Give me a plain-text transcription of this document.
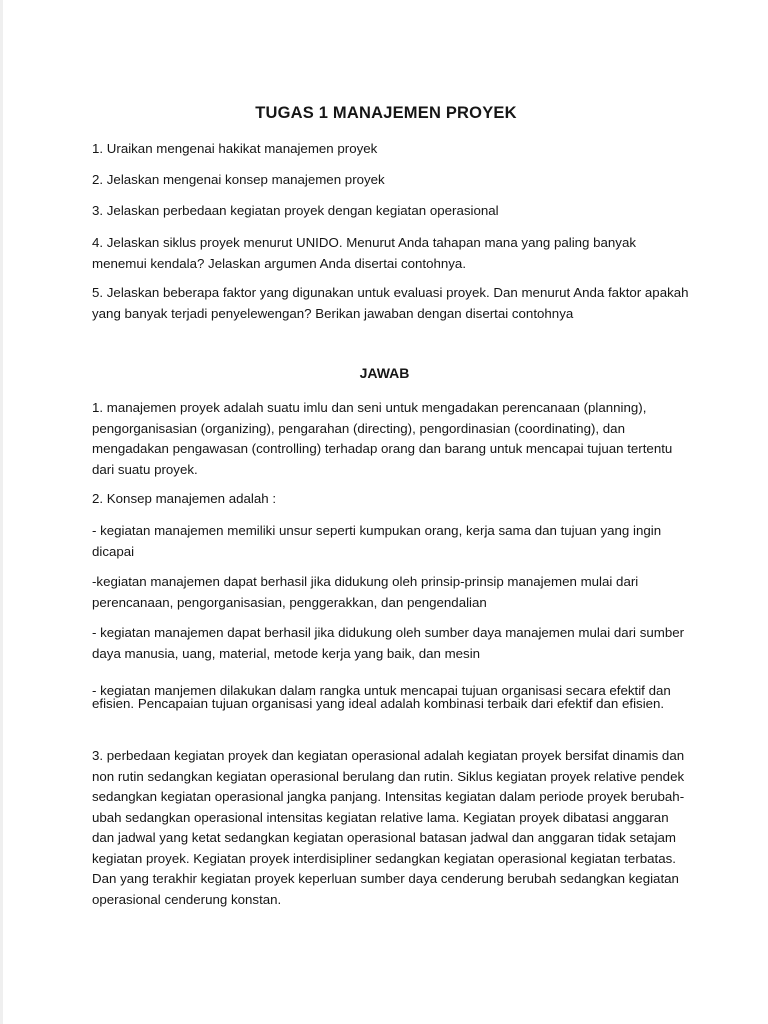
TUGAS 1 MANAJEMEN PROYEK
1. Uraikan mengenai hakikat manajemen proyek
2. Jelaskan mengenai konsep manajemen proyek
3. Jelaskan perbedaan kegiatan proyek dengan kegiatan operasional
4. Jelaskan siklus proyek menurut UNIDO. Menurut Anda tahapan mana yang paling banyak menemui kendala? Jelaskan argumen Anda disertai contohnya.
5. Jelaskan beberapa faktor yang digunakan untuk evaluasi proyek. Dan menurut Anda faktor apakah yang banyak terjadi penyelewengan? Berikan jawaban dengan disertai contohnya
JAWAB
1. manajemen proyek adalah suatu imlu dan seni untuk mengadakan perencanaan (planning), pengorganisasian (organizing), pengarahan (directing), pengordinasian (coordinating), dan mengadakan pengawasan (controlling) terhadap orang dan barang untuk mencapai tujuan tertentu dari suatu proyek.
2. Konsep manajemen adalah :
- kegiatan manajemen memiliki unsur seperti kumpukan orang, kerja sama dan tujuan yang ingin dicapai
-kegiatan manajemen dapat berhasil jika didukung oleh prinsip-prinsip manajemen mulai dari perencanaan, pengorganisasian, penggerakkan, dan pengendalian
- kegiatan manajemen dapat berhasil jika didukung oleh sumber daya manajemen mulai dari sumber daya manusia, uang, material, metode kerja yang baik, dan mesin
- kegiatan manjemen dilakukan dalam rangka untuk mencapai tujuan organisasi secara efektif dan efisien. Pencapaian tujuan organisasi yang ideal adalah kombinasi terbaik dari efektif dan efisien.
3. perbedaan kegiatan proyek dan kegiatan operasional adalah kegiatan proyek bersifat dinamis dan non rutin sedangkan kegiatan operasional berulang dan rutin. Siklus kegiatan proyek relative pendek sedangkan kegiatan operasional jangka panjang. Intensitas kegiatan dalam periode proyek berubah-ubah sedangkan operasional intensitas kegiatan relative lama. Kegiatan proyek dibatasi anggaran dan jadwal yang ketat sedangkan kegiatan operasional batasan jadwal dan anggaran tidak setajam kegiatan proyek. Kegiatan proyek interdisipliner sedangkan kegiatan operasional kegiatan terbatas. Dan yang terakhir kegiatan proyek keperluan sumber daya cenderung berubah sedangkan kegiatan operasional cenderung konstan.
